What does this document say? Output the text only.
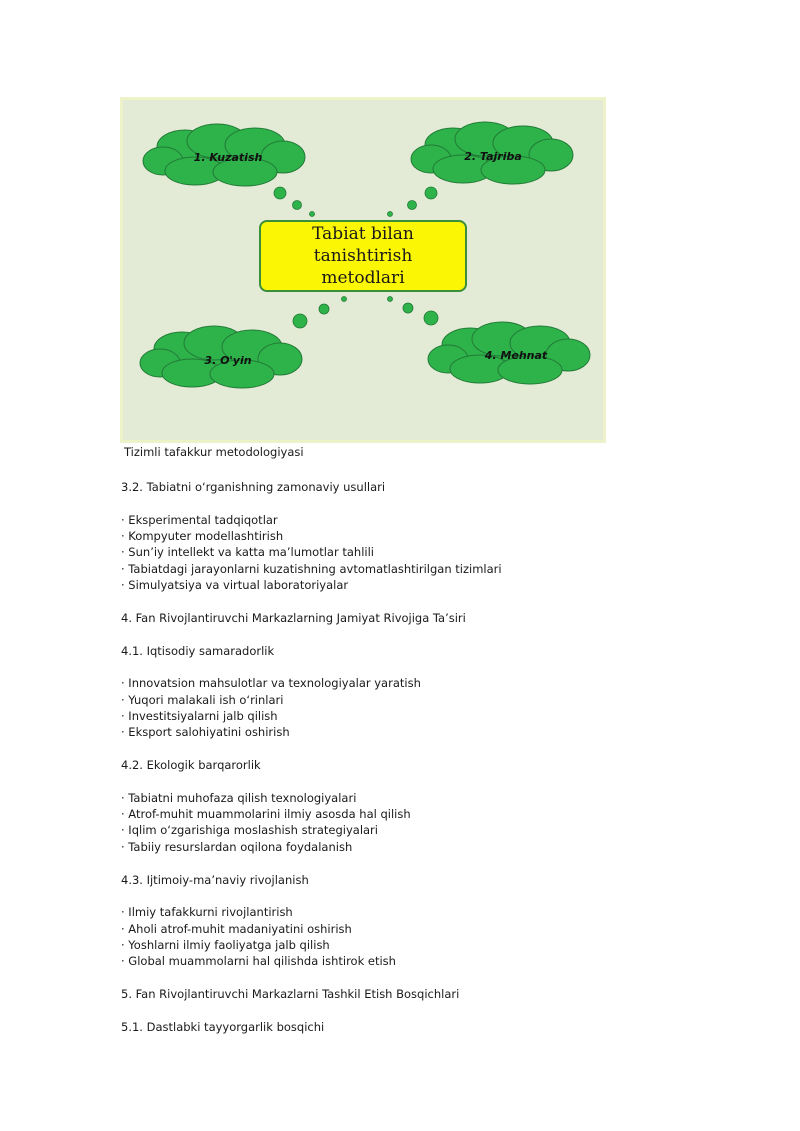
1. Kuzatish	2. Tajriba
3. O'yin	4. Mehnat
Tabiat bilan tanishtirish
metodlari
Tizimli tafakkur metodologiyasi

3.2. Tabiatni o‘rganishning zamonaviy usullari

· Eksperimental tadqiqotlar

· Kompyuter modellashtirish

· Sun’iy intellekt va katta ma’lumotlar tahlili

· Tabiatdagi jarayonlarni kuzatishning avtomatlashtirilgan tizimlari

· Simulyatsiya va virtual laboratoriyalar

4. Fan Rivojlantiruvchi Markazlarning Jamiyat Rivojiga Ta’siri

4.1. Iqtisodiy samaradorlik

· Innovatsion mahsulotlar va texnologiyalar yaratish

· Yuqori malakali ish o‘rinlari

· Investitsiyalarni jalb qilish

· Eksport salohiyatini oshirish

4.2. Ekologik barqarorlik

· Tabiatni muhofaza qilish texnologiyalari

· Atrof-muhit muammolarini ilmiy asosda hal qilish

· Iqlim o‘zgarishiga moslashish strategiyalari

· Tabiiy resurslardan oqilona foydalanish

4.3. Ijtimoiy-ma’naviy rivojlanish

· Ilmiy tafakkurni rivojlantirish

· Aholi atrof-muhit madaniyatini oshirish

· Yoshlarni ilmiy faoliyatga jalb qilish

· Global muammolarni hal qilishda ishtirok etish

5. Fan Rivojlantiruvchi Markazlarni Tashkil Etish Bosqichlari

5.1. Dastlabki tayyorgarlik bosqichi
